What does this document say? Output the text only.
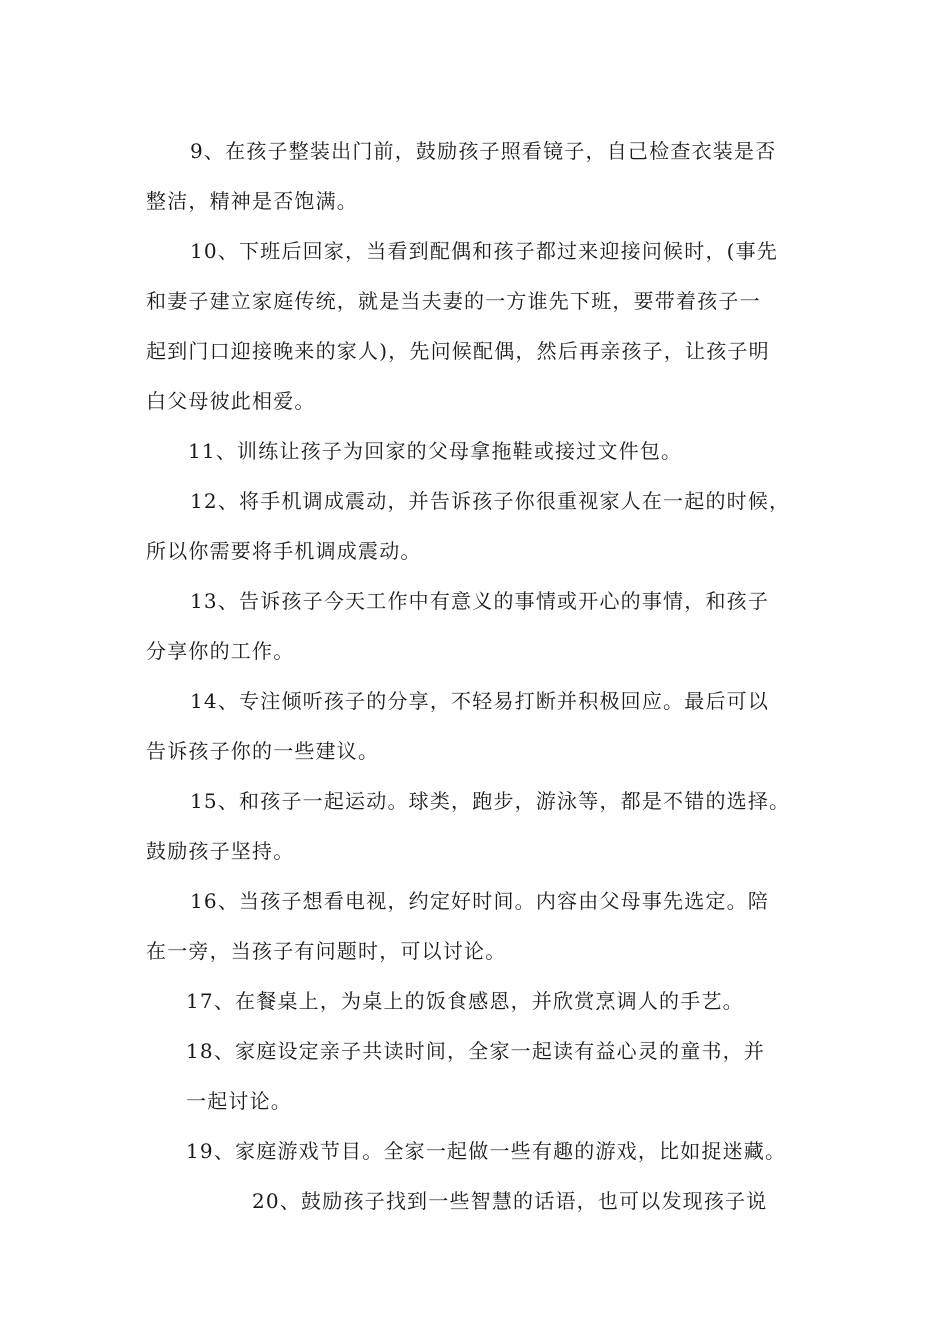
9、在孩子整装出门前，鼓励孩子照看镜子，自己检查衣装是否
整洁，精神是否饱满。
10、下班后回家，当看到配偶和孩子都过来迎接问候时，(事先
和妻子建立家庭传统，就是当夫妻的一方谁先下班，要带着孩子一
起到门口迎接晚来的家人)，先问候配偶，然后再亲孩子，让孩子明
白父母彼此相爱。
11、训练让孩子为回家的父母拿拖鞋或接过文件包。
12、将手机调成震动，并告诉孩子你很重视家人在一起的时候，
所以你需要将手机调成震动。
13、告诉孩子今天工作中有意义的事情或开心的事情，和孩子
分享你的工作。
14、专注倾听孩子的分享，不轻易打断并积极回应。最后可以
告诉孩子你的一些建议。
15、和孩子一起运动。球类，跑步，游泳等，都是不错的选择。
鼓励孩子坚持。
16、当孩子想看电视，约定好时间。内容由父母事先选定。陪
在一旁，当孩子有问题时，可以讨论。
17、在餐桌上，为桌上的饭食感恩，并欣赏烹调人的手艺。
18、家庭设定亲子共读时间，全家一起读有益心灵的童书，并
一起讨论。
19、家庭游戏节目。全家一起做一些有趣的游戏，比如捉迷藏。
20、鼓励孩子找到一些智慧的话语，也可以发现孩子说
